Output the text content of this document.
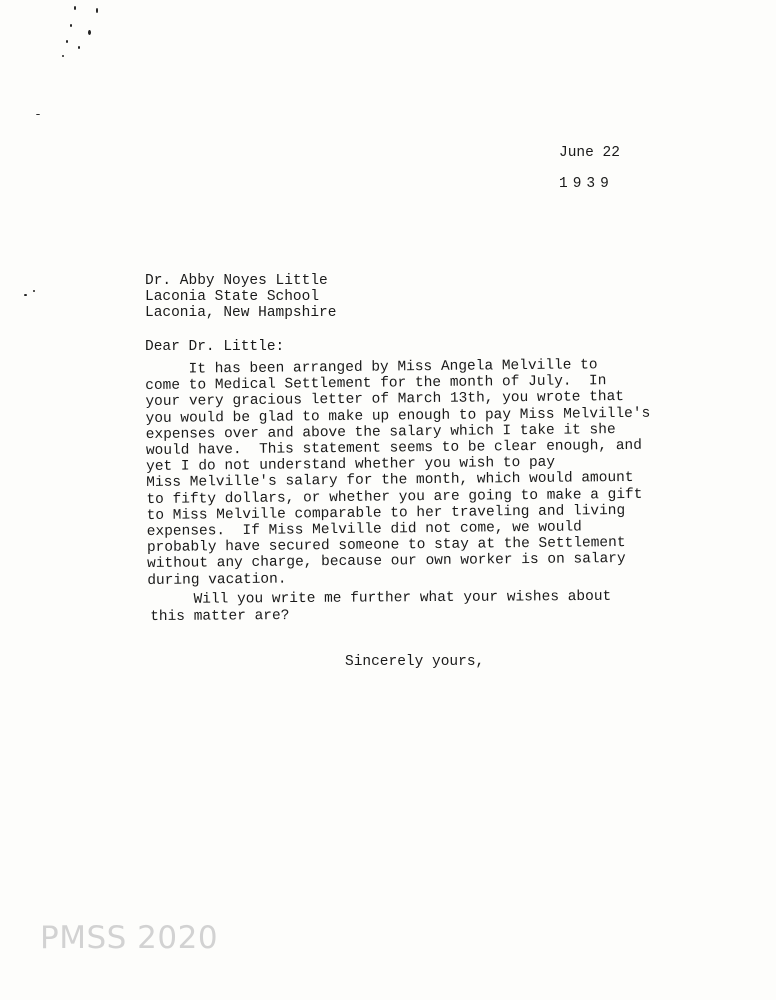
June 22
1939
Dr. Abby Noyes Little
Laconia State School
Laconia, New Hampshire
Dear Dr. Little:
It has been arranged by Miss Angela Melville to
come to Medical Settlement for the month of July.  In
your very gracious letter of March 13th, you wrote that
you would be glad to make up enough to pay Miss Melville's
expenses over and above the salary which I take it she
would have.  This statement seems to be clear enough, and
yet I do not understand whether you wish to pay
Miss Melville's salary for the month, which would amount
to fifty dollars, or whether you are going to make a gift
to Miss Melville comparable to her traveling and living
expenses.  If Miss Melville did not come, we would
probably have secured someone to stay at the Settlement
without any charge, because our own worker is on salary
during vacation.
Will you write me further what your wishes about
this matter are?
Sincerely yours,
PMSS 2020
